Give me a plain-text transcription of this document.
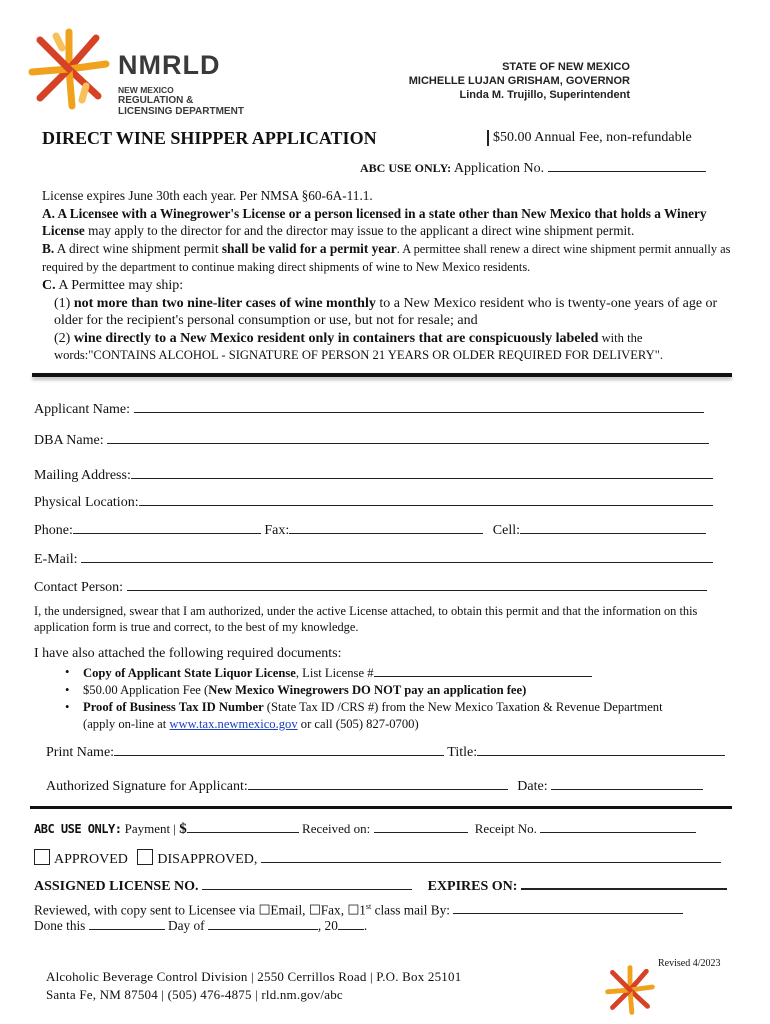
NMRLD
NEW MEXICO
REGULATION &
LICENSING DEPARTMENT
STATE OF NEW MEXICO
MICHELLE LUJAN GRISHAM, GOVERNOR
Linda M. Trujillo, Superintendent
DIRECT WINE SHIPPER APPLICATION	$50.00 Annual Fee, non-refundable
ABC USE ONLY: Application No.
License expires June 30th each year. Per NMSA §60-6A-11.1.
A. A Licensee with a Winegrower's License or a person licensed in a state other than New Mexico that holds a Winery License may apply to the director for and the director may issue to the applicant a direct wine shipment permit.
B. A direct wine shipment permit shall be valid for a permit year. A permittee shall renew a direct wine shipment permit annually as required by the department to continue making direct shipments of wine to New Mexico residents.
C. A Permittee may ship:
(1) not more than two nine-liter cases of wine monthly to a New Mexico resident who is twenty-one years of age or older for the recipient's personal consumption or use, but not for resale; and
(2) wine directly to a New Mexico resident only in containers that are conspicuously labeled with the words:"CONTAINS ALCOHOL - SIGNATURE OF PERSON 21 YEARS OR OLDER REQUIRED FOR DELIVERY".
Applicant Name:
DBA Name:
Mailing Address:
Physical Location:
Phone:	Fax:	Cell:
E-Mail:
Contact Person:
I, the undersigned, swear that I am authorized, under the active License attached, to obtain this permit and that the information on this application form is true and correct, to the best of my knowledge.
I have also attached the following required documents:
• Copy of Applicant State Liquor License, List License #
• $50.00 Application Fee (New Mexico Winegrowers DO NOT pay an application fee)
• Proof of Business Tax ID Number (State Tax ID /CRS #) from the New Mexico Taxation & Revenue Department
(apply on-line at www.tax.newmexico.gov or call (505) 827-0700)
Print Name:	Title:
Authorized Signature for Applicant:	Date:
ABC USE ONLY: Payment | $	Received on:	Receipt No.
APPROVED DISAPPROVED,
ASSIGNED LICENSE NO.	EXPIRES ON:
Reviewed, with copy sent to Licensee via ☐Email, ☐Fax, ☐1st class mail By:
Done this	Day of	, 20 .
Revised 4/2023
Alcoholic Beverage Control Division | 2550 Cerrillos Road | P.O. Box 25101
Santa Fe, NM 87504 | (505) 476-4875 | rld.nm.gov/abc
